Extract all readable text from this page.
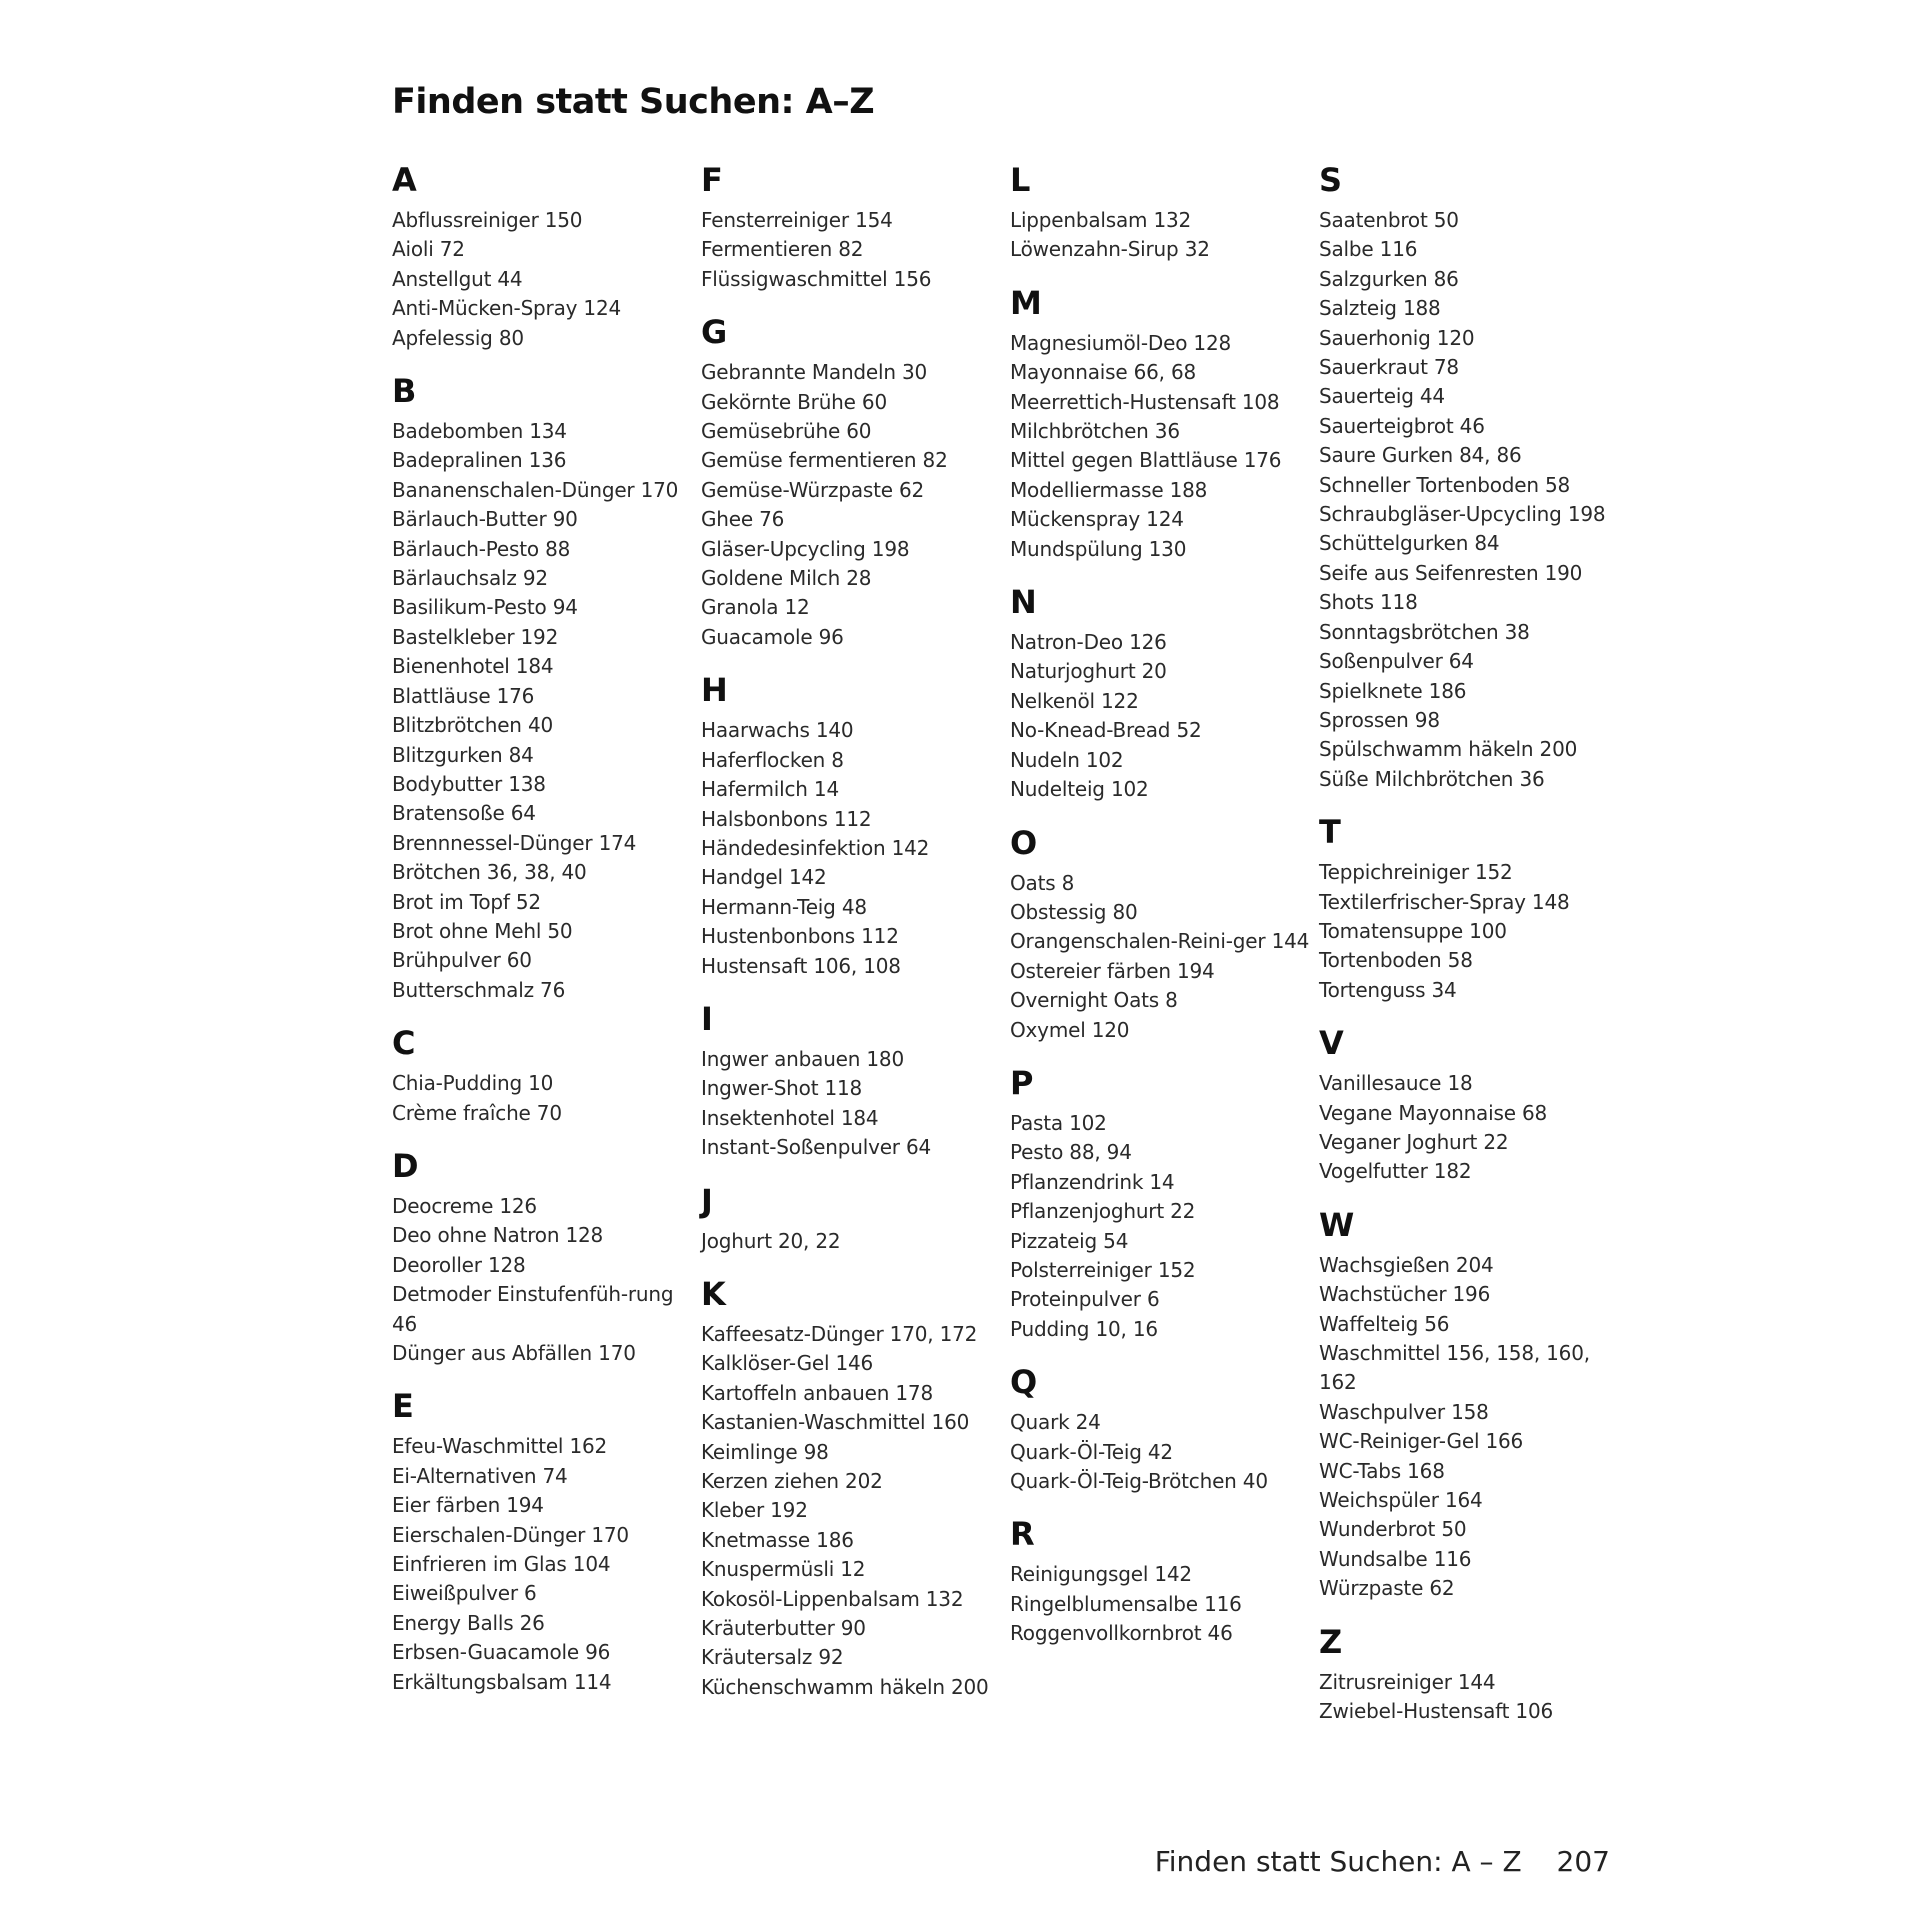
Finden statt Suchen: A–Z
A
Abflussreiniger 150
Aioli 72
Anstellgut 44
Anti-Mücken-Spray 124
Apfelessig 80
B
Badebomben 134
Badepralinen 136
Bananenschalen-Dünger 170
Bärlauch-Butter 90
Bärlauch-Pesto 88
Bärlauchsalz 92
Basilikum-Pesto 94
Bastelkleber 192
Bienenhotel 184
Blattläuse 176
Blitzbrötchen 40
Blitzgurken 84
Bodybutter 138
Bratensoße 64
Brennnessel-Dünger 174
Brötchen 36, 38, 40
Brot im Topf 52
Brot ohne Mehl 50
Brühpulver 60
Butterschmalz 76
C
Chia-Pudding 10
Crème fraîche 70
D
Deocreme 126
Deo ohne Natron 128
Deoroller 128
Detmoder Einstufenfüh-rung 46
Dünger aus Abfällen 170
E
Efeu-Waschmittel 162
Ei-Alternativen 74
Eier färben 194
Eierschalen-Dünger 170
Einfrieren im Glas 104
Eiweißpulver 6
Energy Balls 26
Erbsen-Guacamole 96
Erkältungsbalsam 114
F
Fensterreiniger 154
Fermentieren 82
Flüssigwaschmittel 156
G
Gebrannte Mandeln 30
Gekörnte Brühe 60
Gemüsebrühe 60
Gemüse fermentieren 82
Gemüse-Würzpaste 62
Ghee 76
Gläser-Upcycling 198
Goldene Milch 28
Granola 12
Guacamole 96
H
Haarwachs 140
Haferflocken 8
Hafermilch 14
Halsbonbons 112
Händedesinfektion 142
Handgel 142
Hermann-Teig 48
Hustenbonbons 112
Hustensaft 106, 108
I
Ingwer anbauen 180
Ingwer-Shot 118
Insektenhotel 184
Instant-Soßenpulver 64
J
Joghurt 20, 22
K
Kaffeesatz-Dünger 170, 172
Kalklöser-Gel 146
Kartoffeln anbauen 178
Kastanien-Waschmittel 160
Keimlinge 98
Kerzen ziehen 202
Kleber 192
Knetmasse 186
Knuspermüsli 12
Kokosöl-Lippenbalsam 132
Kräuterbutter 90
Kräutersalz 92
Küchenschwamm häkeln 200
L
Lippenbalsam 132
Löwenzahn-Sirup 32
M
Magnesiumöl-Deo 128
Mayonnaise 66, 68
Meerrettich-Hustensaft 108
Milchbrötchen 36
Mittel gegen Blattläuse 176
Modelliermasse 188
Mückenspray 124
Mundspülung 130
N
Natron-Deo 126
Naturjoghurt 20
Nelkenöl 122
No-Knead-Bread 52
Nudeln 102
Nudelteig 102
O
Oats 8
Obstessig 80
Orangenschalen-Reini-ger 144
Ostereier färben 194
Overnight Oats 8
Oxymel 120
P
Pasta 102
Pesto 88, 94
Pflanzendrink 14
Pflanzenjoghurt 22
Pizzateig 54
Polsterreiniger 152
Proteinpulver 6
Pudding 10, 16
Q
Quark 24
Quark-Öl-Teig 42
Quark-Öl-Teig-Brötchen 40
R
Reinigungsgel 142
Ringelblumensalbe 116
Roggenvollkornbrot 46
S
Saatenbrot 50
Salbe 116
Salzgurken 86
Salzteig 188
Sauerhonig 120
Sauerkraut 78
Sauerteig 44
Sauerteigbrot 46
Saure Gurken 84, 86
Schneller Tortenboden 58
Schraubgläser-Upcycling 198
Schüttelgurken 84
Seife aus Seifenresten 190
Shots 118
Sonntagsbrötchen 38
Soßenpulver 64
Spielknete 186
Sprossen 98
Spülschwamm häkeln 200
Süße Milchbrötchen 36
T
Teppichreiniger 152
Textilerfrischer-Spray 148
Tomatensuppe 100
Tortenboden 58
Tortenguss 34
V
Vanillesauce 18
Vegane Mayonnaise 68
Veganer Joghurt 22
Vogelfutter 182
W
Wachsgießen 204
Wachstücher 196
Waffelteig 56
Waschmittel 156, 158, 160, 162
Waschpulver 158
WC-Reiniger-Gel 166
WC-Tabs 168
Weichspüler 164
Wunderbrot 50
Wundsalbe 116
Würzpaste 62
Z
Zitrusreiniger 144
Zwiebel-Hustensaft 106
Finden statt Suchen: A – Z 207
